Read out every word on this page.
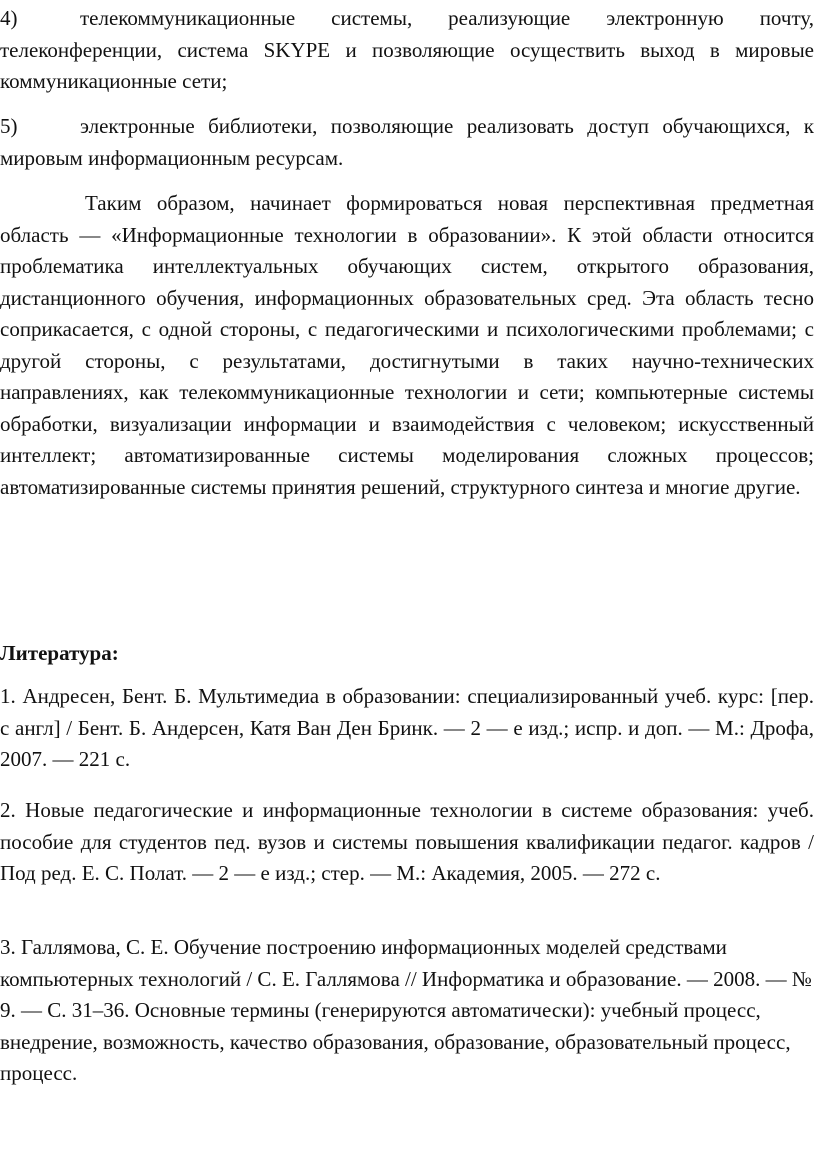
4)	телекоммуникационные системы, реализующие электронную почту, телеконференции, система SKYPE и позволяющие осуществить выход в мировые коммуникационные сети;

5)	электронные библиотеки, позволяющие реализовать доступ обучающихся, к мировым информационным ресурсам.

Таким образом, начинает формироваться новая перспективная предметная область — «Информационные технологии в образовании». К этой области относится проблематика интеллектуальных обучающих систем, открытого образования, дистанционного обучения, информационных образовательных сред. Эта область тесно соприкасается, с одной стороны, с педагогическими и психологическими проблемами; с другой стороны, с результатами, достигнутыми в таких научно-технических направлениях, как телекоммуникационные технологии и сети; компьютерные системы обработки, визуализации информации и взаимодействия с человеком; искусственный интеллект; автоматизированные системы моделирования сложных процессов; автоматизированные системы принятия решений, структурного синтеза и многие другие.

Литература:

1. Андресен, Бент. Б. Мультимедиа в образовании: специализированный учеб. курс: [пер. с англ] / Бент. Б. Андерсен, Катя Ван Ден Бринк. — 2 — е изд.; испр. и доп. — М.: Дрофа, 2007. — 221 с.

2. Новые педагогические и информационные технологии в системе образования: учеб. пособие для студентов пед. вузов и системы повышения квалификации педагог. кадров / Под ред. Е. С. Полат. — 2 — е изд.; стер. — М.: Академия, 2005. — 272 с.

3. Галлямова, С. Е. Обучение построению информационных моделей средствами компьютерных технологий / С. Е. Галлямова // Информатика и образование. — 2008. — № 9. — С. 31–36. Основные термины (генерируются автоматически): учебный процесс, внедрение, возможность, качество образования, образование, образовательный процесс, процесс.
